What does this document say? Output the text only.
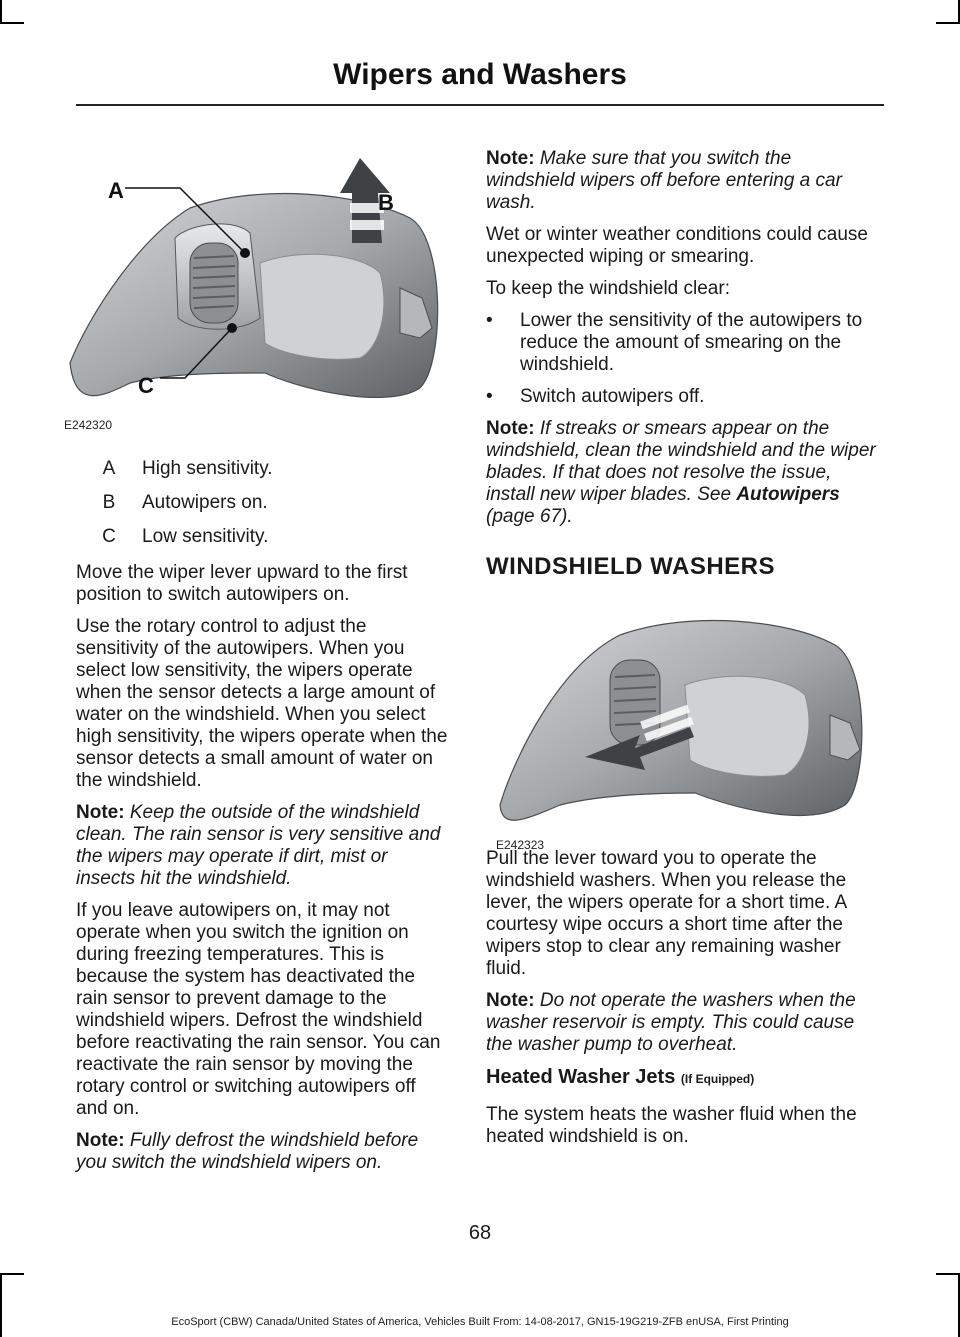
Wipers and Washers
A	B
C
E242320
A	High sensitivity.
B	Autowipers on.
C	Low sensitivity.

Move the wiper lever upward to the first position to switch autowipers on.

Use the rotary control to adjust the sensitivity of the autowipers. When you select low sensitivity, the wipers operate when the sensor detects a large amount of water on the windshield. When you select high sensitivity, the wipers operate when the sensor detects a small amount of water on the windshield.

Note: Keep the outside of the windshield clean. The rain sensor is very sensitive and the wipers may operate if dirt, mist or insects hit the windshield.

If you leave autowipers on, it may not operate when you switch the ignition on during freezing temperatures. This is because the system has deactivated the rain sensor to prevent damage to the windshield wipers. Defrost the windshield before reactivating the rain sensor. You can reactivate the rain sensor by moving the rotary control or switching autowipers off and on.

Note: Fully defrost the windshield before you switch the windshield wipers on.

Note: Make sure that you switch the windshield wipers off before entering a car wash.

Wet or winter weather conditions could cause unexpected wiping or smearing.

To keep the windshield clear:

•	Lower the sensitivity of the autowipers to reduce the amount of smearing on the windshield.
•	Switch autowipers off.

Note: If streaks or smears appear on the windshield, clean the windshield and the wiper blades. If that does not resolve the issue, install new wiper blades. See Autowipers (page 67).

WINDSHIELD WASHERS

Pull the lever toward you to operate the windshield washers. When you release the lever, the wipers operate for a short time. A courtesy wipe occurs a short time after the wipers stop to clear any remaining washer fluid.

Note: Do not operate the washers when the washer reservoir is empty. This could cause the washer pump to overheat.

Heated Washer Jets (If Equipped)

The system heats the washer fluid when the heated windshield is on.

E242323
68
EcoSport (CBW) Canada/United States of America, Vehicles Built From: 14-08-2017, GN15-19G219-ZFB enUSA, First Printing
